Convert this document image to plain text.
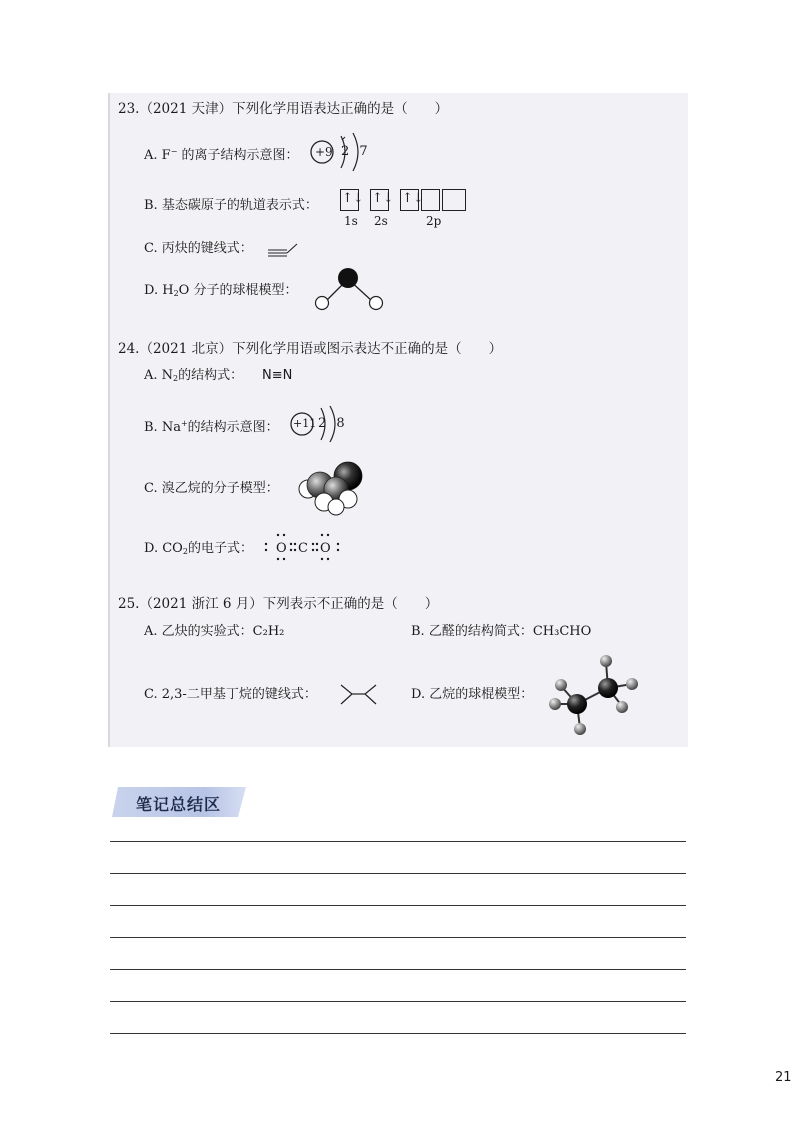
23.（2021 天津）下列化学用语表达正确的是（　　）
A. F− 的离子结构示意图： +9 2 7
B. 基态碳原子的轨道表示式： ↑↓ ↑↓ ↑↓
1s 2s	2p
C. 丙炔的键线式：
D. $H_2O$ 分子的球棍模型：
24.（2021 北京）下列化学用语或图示表达不正确的是（　　）
A. $N_2$的结构式： N≡N
B. Na+的结构示意图： +11 2 8
C. 溴乙烷的分子模型：
D. $CO_2$的电子式： O C O
25.（2021 浙江 6 月）下列表示不正确的是（　　）
A. 乙炔的实验式：C₂H₂	B. 乙醛的结构简式：CH₃CHO
C. 2,3-二甲基丁烷的键线式：	D. 乙烷的球棍模型：
笔记总结区
21
